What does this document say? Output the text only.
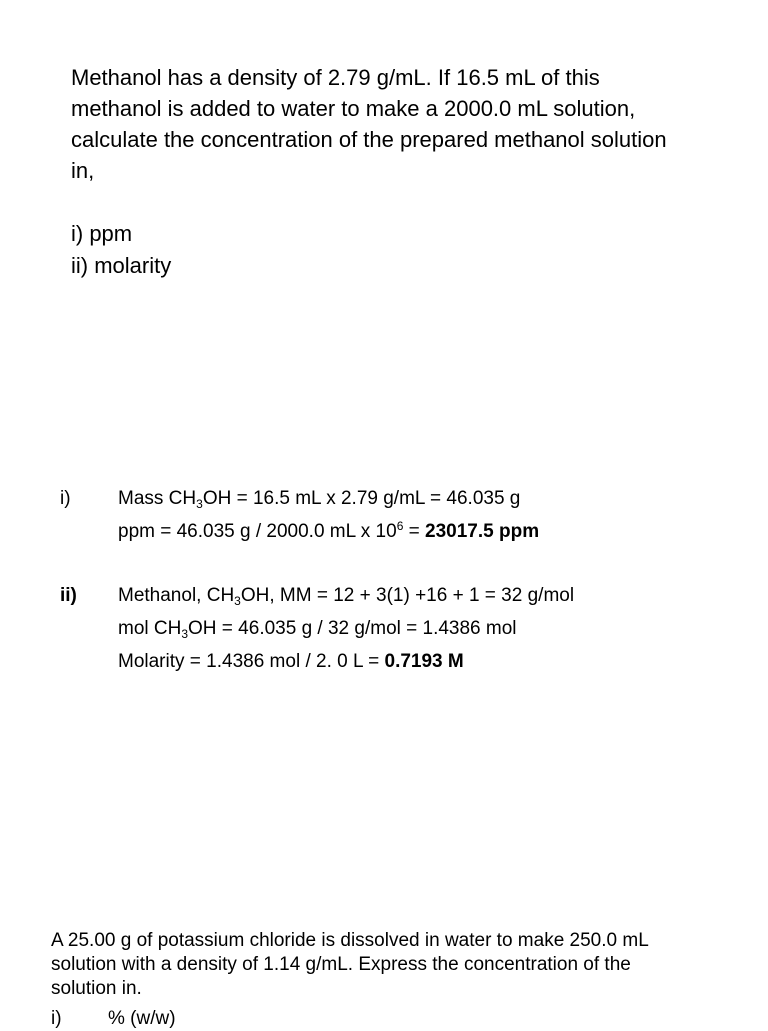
Methanol has a density of 2.79 g/mL. If 16.5 mL of this
methanol is added to water to make a 2000.0 mL solution,
calculate the concentration of the prepared methanol solution
in,
i) ppm
ii) molarity
i)	Mass $CH_3OH = 16.5$ mL x 2.79 g/mL = 46.035 g
ppm = 46.035 g / 2000.0 mL x $10^6 = 23017.5$ ppm
ii)	Methanol, $CH_3OH$, MM = 12 + 3(1) +16 + 1 = 32 g/mol
mol $CH_3OH = 46.035$ g / 32 g/mol = 1.4386 mol
Molarity = 1.4386 mol / 2. 0 L = 0.7193 M
A 25.00 g of potassium chloride is dissolved in water to make 250.0 mL
solution with a density of 1.14 g/mL. Express the concentration of the
solution in.
i) % (w/w)
